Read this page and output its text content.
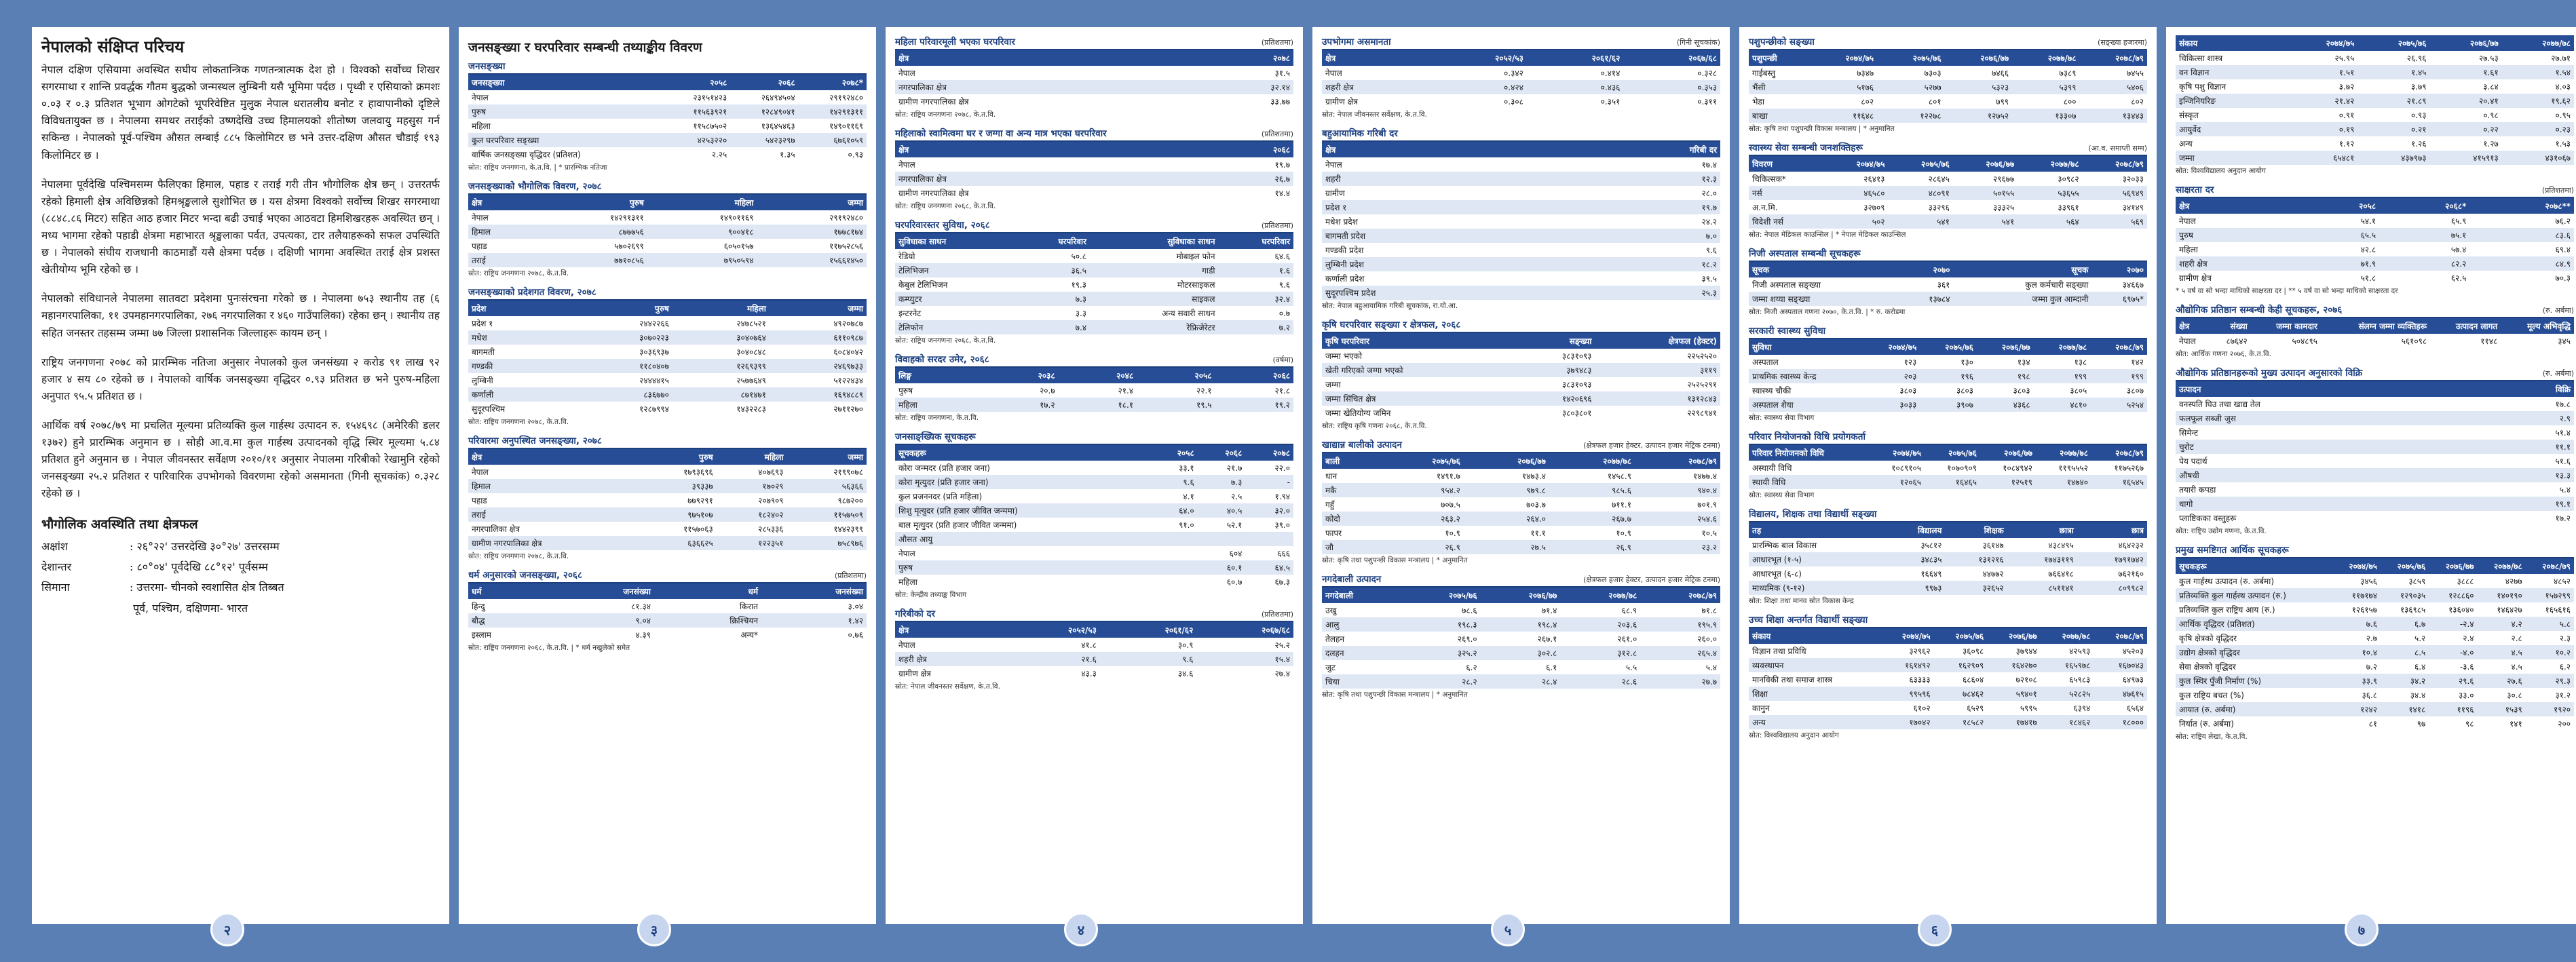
नेपालको संक्षिप्त परिचय

नेपाल दक्षिण एसियामा अवस्थित सघीय लोकतान्त्रिक गणतन्त्रात्मक देश हो । विश्वको सर्वोच्च शिखर सगरमाथा र शान्ति प्रवर्द्धक गौतम बुद्धको जन्मस्थल लुम्बिनी यसै भूमिमा पर्दछ । पृथ्वी र एसियाको क्रमशः ०.०३ र ०.३ प्रतिशत भूभाग ओगटेको भूपरिवेष्टित मुलुक नेपाल धरातलीय बनोट र हावापानीको दृष्टिले विविधतायुक्त छ । नेपालमा समथर तराईको उष्णदेखि उच्च हिमालयको शीतोष्ण जलवायु महसुस गर्न सकिन्छ । नेपालको पूर्व-पश्चिम औसत लम्बाई ८८५ किलोमिटर छ भने उत्तर-दक्षिण औसत चौडाई १९३ किलोमिटर छ ।

नेपालमा पूर्वदेखि पश्चिमसम्म फैलिएका हिमाल, पहाड र तराई गरी तीन भौगोलिक क्षेत्र छन् । उत्तरतर्फ रहेको हिमाली क्षेत्र अविछिन्नको हिमश्रृङ्खलाले सुशोभित छ । यस क्षेत्रमा विश्वको सर्वोच्च शिखर सगरमाथा (८८४८.८६ मिटर) सहित आठ हजार मिटर भन्दा बढी उचाई भएका आठवटा हिमशिखरहरू अवस्थित छन् । मध्य भागमा रहेको पहाडी क्षेत्रमा महाभारत श्रृङ्खलाका पर्वत, उपत्यका, टार तलैयाहरूको सफल उपस्थिति छ । नेपालको संघीय राजधानी काठमाडौं यसै क्षेत्रमा पर्दछ । दक्षिणी भागमा अवस्थित तराई क्षेत्र प्रशस्त खेतीयोग्य भूमि रहेको छ ।

नेपालको संविधानले नेपालमा सातवटा प्रदेशमा पुनःसंरचना गरेको छ । नेपालमा ७५३ स्थानीय तह (६ महानगरपालिका, ११ उपमहानगरपालिका, २७६ नगरपालिका र ४६० गाउँपालिका) रहेका छन् । स्थानीय तह सहित जनस्तर तहसम्म जम्मा ७७ जिल्ला प्रशासनिक जिल्लाहरू कायम छन् ।

राष्ट्रिय जनगणना २०७८ को प्रारम्भिक नतिजा अनुसार नेपालको कुल जनसंख्या २ करोड ९१ लाख ९२ हजार ४ सय ८० रहेको छ । नेपालको वार्षिक जनसङ्ख्या वृद्धिदर ०.९३ प्रतिशत छ भने पुरुष-महिला अनुपात ९५.५ प्रतिशत छ ।

आर्थिक वर्ष २०७८/७९ मा प्रचलित मूल्यमा प्रतिव्यक्ति कुल गार्हस्थ उत्पादन रु. १५४६९८ (अमेरिकी डलर १३७२) हुने प्रारम्भिक अनुमान छ । सोही आ.व.मा कुल गार्हस्थ उत्पादनको वृद्धि स्थिर मूल्यमा ५.८४ प्रतिशत हुने अनुमान छ । नेपाल जीवनस्तर सर्वेक्षण २०१०/११ अनुसार नेपालमा गरिबीको रेखामुनि रहेको जनसङ्ख्या २५.२ प्रतिशत र पारिवारिक उपभोगको विवरणमा रहेको असमानता (गिनी सूचकांक) ०.३२८ रहेको छ ।

भौगोलिक अवस्थिति तथा क्षेत्रफल
अक्षांश	: २६°२२' उत्तरदेखि ३०°२७' उत्तरसम्म
देशान्तर	: ८०°०४' पूर्वदेखि ८८°१२' पूर्वसम्म
सिमाना	: उत्तरमा- चीनको स्वशासित क्षेत्र तिब्बत
पूर्व, पश्चिम, दक्षिणमा- भारत
जनसङ्ख्या र घरपरिवार सम्बन्धी तथ्याङ्कीय विवरण
जनसङ्ख्या
जनसङ्ख्या	२०५८	२०६८	२०७८*
नेपाल	२३१५१४२३	२६४९४५०४	२९१९२४८०
पुरुष	११५६३९२१	१२८४९०४१	१४२९१३११
महिला	११५८७५०२	१३६४५४६३	१४९०११६९
कुल घरपरिवार सङ्ख्या	४२५३२२०	५४२३२९७	६७६१०५९
वार्षिक जनसङ्ख्या वृद्धिदर (प्रतिशत)	२.२५	१.३५	०.९३
स्रोत: राष्ट्रिय जनगणना, के.त.वि. | * प्रारम्भिक नतिजा
जनसङ्ख्याको भौगोलिक विवरण, २०७८
क्षेत्र	पुरुष	महिला	जम्मा
नेपाल	१४२९१३११	१४९०११६९	२९१९२४८०
हिमाल	८७७७५६	९००४१८	१७७८१७४
पहाड	५७०२६९९	६०५०१५७	११७५२८५६
तराई	७७१०८५६	७९५०५९४	१५६६१४५०
स्रोत: राष्ट्रिय जनगणना २०७८, के.त.वि.
जनसङ्ख्याको प्रदेशगत विवरण, २०७८
प्रदेश	पुरुष	महिला	जम्मा
प्रदेश १	२४४२२६६	२४७८५२१	४९२०७८७
मधेश	३०७०२२३	३०४०७६४	६११०९८७
बागमती	३०३६९३७	३०४०८४८	६०८४०४२
गण्डकी	११८०४०७	१२६९३९९	२४६९७३३
लुम्बिनी	२४४४४१५	२५७७६४९	५१२२४३४
कर्णाली	८३६७७०	८७१४७१	१६९४८८९
सुदूरपश्चिम	१२८७९९४	१४३२२८३	२७११२७०
स्रोत: राष्ट्रिय जनगणना २०७८, के.त.वि.
परिवारमा अनुपस्थित जनसङ्ख्या, २०७८
क्षेत्र	पुरुष	महिला	जम्मा
नेपाल	१७९३६९६	४०७६९३	२१९९०७८
हिमाल	३९३३७	१७०२९	५६३६६
पहाड	७७९२९१	२०७९०९	९८७२००
तराई	९७५१०७	१८२४०२	११५७५०९
नगरपालिका क्षेत्र	११५७०६३	२८५३३६	१४४२३९९
ग्रामीण नगरपालिका क्षेत्र	६३६६२५	१२२३५१	७५८९७६
स्रोत: राष्ट्रिय जनगणना २०७८, के.त.वि.
धर्म अनुसारको जनसङ्ख्या, २०६८	(प्रतिशतमा)
धर्म	जनसंख्या	धर्म	जनसंख्या
हिन्दु	८१.३४	किरात	३.०४
बौद्ध	९.०४	क्रिश्चियन	१.४२
इस्लाम	४.३९	अन्य*	०.७६
स्रोत: राष्ट्रिय जनगणना २०६८, के.त.वि. | * धर्म नखुलेको समेत
महिला परिवारमूली भएका घरपरिवार	(प्रतिशतमा)
क्षेत्र	२०७८
नेपाल	३१.५
नगरपालिका क्षेत्र	३२.१४
ग्रामीण नगरपालिका क्षेत्र	३३.७७
स्रोत: राष्ट्रिय जनगणना २०७८, के.त.वि.
महिलाको स्वामित्वमा घर र जग्गा वा अन्य मात्र भएका घरपरिवार	(प्रतिशतमा)
क्षेत्र	२०६८
नेपाल	१९.७
नगरपालिका क्षेत्र	२६.७
ग्रामीण नगरपालिका क्षेत्र	१४.४
स्रोत: राष्ट्रिय जनगणना २०६८, के.त.वि.
घरपरिवारस्तर सुविधा, २०६८	(प्रतिशतमा)
सुविधाका साधन	घरपरिवार	सुविधाका साधन	घरपरिवार
रेडियो	५०.८	मोबाइल फोन	६४.६
टेलिभिजन	३६.५	गाडी	१.६
केबुल टेलिभिजन	१९.३	मोटरसाइकल	९.६
कम्प्युटर	७.३	साइकल	३२.४
इन्टरनेट	३.३	अन्य सवारी साधन	०.७
टेलिफोन	७.४	रेफ्रिजेरेटर	७.२
स्रोत: राष्ट्रिय जनगणना २०६८, के.त.वि.
विवाहको सरदर उमेर, २०६८	(वर्षमा)
लिङ्ग	२०३८	२०४८	२०५८	२०६८
पुरुष	२०.७	२१.४	२२.१	२१.८
महिला	१७.२	१८.१	१९.५	१९.२
स्रोत: राष्ट्रिय जनगणना, के.त.वि.
जनसाङ्ख्यिक सूचकहरू
सूचकहरू	२०५८	२०६८	२०७८
कोरा जन्मदर (प्रति हजार जना)	३३.१	२१.७	२२.०
कोरा मृत्युदर (प्रति हजार जना)	९.६	७.३	-
कुल प्रजननदर (प्रति महिला)	४.१	२.५	१.९४
शिशु मृत्युदर (प्रति हजार जीवित जन्ममा)	६४.०	४०.५	३२.०
बाल मृत्युदर (प्रति हजार जीवित जन्ममा)	९१.०	५२.१	३९.०
औसत आयु			
नेपाल		६०४	६६६
पुरुष		६०.१	६४.५
महिला		६०.७	६७.३
स्रोत: केन्द्रीय तथ्याङ्क विभाग
गरिबीको दर	(प्रतिशतमा)
क्षेत्र	२०५२/५३	२०६१/६२	२०६७/६८
नेपाल	४१.८	३०.९	२५.२
शहरी क्षेत्र	२१.६	९.६	१५.४
ग्रामीण क्षेत्र	४३.३	३४.६	२७.४
स्रोत: नेपाल जीवनस्तर सर्वेक्षण, के.त.वि.
उपभोगमा असमानता	(गिनी सूचकांक)
क्षेत्र	२०५२/५३	२०६१/६२	२०६७/६८
नेपाल	०.३४२	०.४१४	०.३२८
शहरी क्षेत्र	०.४२४	०.४३६	०.३५३
ग्रामीण क्षेत्र	०.३०८	०.३५१	०.३११
स्रोत: नेपाल जीवनस्तर सर्वेक्षण, के.त.वि.
बहुआयामिक गरिबी दर
क्षेत्र	गरिबी दर
नेपाल	१७.४
शहरी	१२.३
ग्रामीण	२८.०
प्रदेश १	१९.७
मधेश प्रदेश	२४.२
बागमती प्रदेश	७.०
गण्डकी प्रदेश	९.६
लुम्बिनी प्रदेश	१८.२
कर्णाली प्रदेश	३९.५
सुदूरपश्चिम प्रदेश	२५.३
स्रोत: नेपाल बहुआयामिक गरिबी सूचकांक, रा.यो.आ.
कृषि घरपरिवार सङ्ख्या र क्षेत्रफल, २०६८
कृषि घरपरिवार	सङ्ख्या	क्षेत्रफल (हेक्टर)
जम्मा भएको	३८३१०९३	२२५२५२०
खेती गरिएको जग्गा भएको	३७९४८३	३११९
जम्मा	३८३१०९३	२५२५२९१
जम्मा सिंचित क्षेत्र	१४२०६९६	१३१२८४३
जम्मा खेतियोग्य जमिन	३८०३८०१	२२९८९४१
स्रोत: राष्ट्रिय कृषि गणना २०६८, के.त.वि.
खाद्यान्न बालीको उत्पादन	(क्षेत्रफल हजार हेक्टर, उत्पादन हजार मेट्रिक टनमा)
बाली	२०७५/७६	२०७६/७७	२०७७/७८	२०७८/७९
धान	१४९१.७	१४७३.४	१४५८.९	१४७७.४
मकै	९५४.२	९७९.८	९८५.६	९४०.४
गहुँ	७०७.५	७०३.७	७११.१	७०१.९
कोदो	२६३.२	२६४.०	२६७.७	२५४.६
फापर	१०.९	११.१	१०.९	१०.५
जौ	२६.९	२७.५	२६.९	२३.२
स्रोत: कृषि तथा पशुपन्छी विकास मन्त्रालय | * अनुमानित
नगदेबाली उत्पादन	(क्षेत्रफल हजार हेक्टर, उत्पादन हजार मेट्रिक टनमा)
नगदेबाली	२०७५/७६	२०७६/७७	२०७७/७८	२०७८/७९
उखु	७८.६	७१.४	६८.९	७१.८
आलु	१९८.३	१९८.४	२०३.६	१९५.९
तेलहन	२६९.०	२६७.१	२६१.०	२६०.०
दलहन	३२५.२	३०२.८	३१२.८	२६५.४
जुट	६.२	६.१	५.५	५.४
चिया	२८.२	२८.४	२८.६	२७.७
स्रोत: कृषि तथा पशुपन्छी विकास मन्त्रालय | * अनुमानित
पशुपन्छीको सङ्ख्या	(सङ्ख्या हजारमा)
पशुपन्छी	२०७४/७५	२०७५/७६	२०७६/७७	२०७७/७८	२०७८/७९
गाईबस्तु	७३४७	७३०३	७४६६	७३८९	७४५५
भैंसी	५१७६	५२७७	५३२३	५३९९	५४०६
भेडा	८०२	८०१	७९९	८००	८०२
बाखा	११६४८	१२२७८	१२७५२	१३३०७	१३४४३
स्रोत: कृषि तथा पशुपन्छी विकास मन्त्रालय | * अनुमानित
स्वास्थ्य सेवा सम्बन्धी जनशक्तिहरू	(आ.व. समाप्ती सम्म)
विवरण	२०७४/७५	२०७५/७६	२०७६/७७	२०७७/७८	२०७८/७९
चिकित्सक*	२६४१३	२८६४५	२९६७७	३०९८२	३२०३३
नर्स	४६५८०	४८०९१	५०१५५	५३६५५	५६९४९
अ.न.मि.	३२७०९	३३२९६	३३३२५	३३९६१	३४१४९
विदेशी नर्स	५०२	५४१	५४१	५६४	५६९
स्रोत: नेपाल मेडिकल काउन्सिल | * नेपाल मेडिकल काउन्सिल
निजी अस्पताल सम्बन्धी सूचकहरू
सूचक	२०७०	सूचक	२०७०
निजी अस्पताल सङ्ख्या	३६१	कुल कर्मचारी सङ्ख्या	३४६६७
जम्मा शय्या सङ्ख्या	१३७८४	जम्मा कुल आम्दानी	६९७५*
स्रोत: निजी अस्पताल गणना २०७०, के.त.वि. | * रु. करोडमा
सरकारी स्वास्थ्य सुविधा
सुविधा	२०७४/७५	२०७५/७६	२०७६/७७	२०७७/७८	२०७८/७९
अस्पताल	१२३	१३०	१३४	१३८	१४२
प्राथमिक स्वास्थ्य केन्द्र	२०३	१९६	१९८	१९९	१९९
स्वास्थ्य चौकी	३८०३	३८०३	३८०३	३८०५	३८०७
अस्पताल शैया	३०३३	३९०७	४३६८	४८१०	५२५४
स्रोत: स्वास्थ्य सेवा विभाग
परिवार नियोजनको विधि प्रयोगकर्ता
परिवार नियोजनको विधि	२०७४/७५	२०७५/७६	२०७६/७७	२०७७/७८	२०७८/७९
अस्थायी विधि	१०८९१०५	१०७०९०९	१०८४९४२	११९५५५२	११७५२६७
स्थायी विधि	१२०६५	१६४६५	१२५१९	१४७४०	१६५४५
स्रोत: स्वास्थ्य सेवा विभाग
विद्यालय, शिक्षक तथा विद्यार्थी सङ्ख्या
तह	विद्यालय	शिक्षक	छात्रा	छात्र
प्रारम्भिक बाल विकास	३५८१२	३६१४७	४३८४९५	४६४२३२
आधारभूत (१-५)	३४८३५	१३१२१६	१७४३११९	१७९१७४२
आधारभूत (६-८)	१६६४९	४४७७२	७६६४१८	७६२१६०
माध्यमिक (९-१२)	९९७३	३२६५२	८५११४१	८०९९८२
स्रोत: शिक्षा तथा मानव स्रोत विकास केन्द्र
उच्च शिक्षा अन्तर्गत विद्यार्थी सङ्ख्या
संकाय	२०७४/७५	२०७५/७६	२०७६/७७	२०७७/७८	२०७८/७९
विज्ञान तथा प्रविधि	३२९६२	३६०९८	३७९४४	४२५९३	४५२०३
व्यवस्थापन	१६१४९२	१६२९०९	१६४२७०	१६५९७८	१६७०४३
मानविकी तथा समाज शास्त्र	६३३३३	६८६०४	७२१०८	६५९८३	६४९७३
शिक्षा	९९५९६	७८४६२	५९४०१	५२८२५	४७६१५
कानुन	६१०२	६५२९	५९९५	६३९४	६५६४
अन्य	१७०४२	१८५८२	१७४१७	१८४६२	१८०००
स्रोत: विश्वविद्यालय अनुदान आयोग
संकाय	२०७४/७५	२०७५/७६	२०७६/७७	२०७७/७८
चिकित्सा शास्त्र	२५.९५	२६.९६	२७.५३	२७.७१
वन विज्ञान	१.५१	१.४५	१.६१	१.५४
कृषि पशु विज्ञान	३.७२	३.७९	३.८४	४.०३
इन्जिनियरिङ	२१.४२	२१.८९	२०.४१	१९.६२
संस्कृत	०.९१	०.९३	०.९८	०.९५
आयुर्वेद	०.१९	०.२१	०.२२	०.२३
अन्य	१.१२	१.२६	१.२७	१.५३
जम्मा	६५४८१	४३७९७३	४१५९१३	४३१०६७
स्रोत: विश्वविद्यालय अनुदान आयोग
साक्षरता दर	(प्रतिशतमा)
क्षेत्र	२०५८	२०६८*	२०७८**
नेपाल	५४.१	६५.९	७६.२
पुरुष	६५.५	७५.१	८३.६
महिला	४२.८	५७.४	६९.४
शहरी क्षेत्र	७१.९	८२.२	८४.९
ग्रामीण क्षेत्र	५१.८	६२.५	७०.३
* ५ वर्ष वा सो भन्दा माथिको साक्षरता दर | ** ५ वर्ष वा सो भन्दा माथिको साक्षरता दर
औद्योगिक प्रतिष्ठान सम्बन्धी केही सूचकहरू, २०७६	(रु. अर्बमा)
क्षेत्र	संख्या	जम्मा कामदार	संलग्न जम्मा व्यक्तिहरू	उत्पादन लागत	मूल्य अभिवृद्धि
नेपाल	८७६४२	५०४८९५	५६१०९८	११४८	३४५
स्रोत: आर्थिक गणना २०७६, के.त.वि.
औद्योगिक प्रतिष्ठानहरूको मुख्य उत्पादन अनुसारको विक्रि	(रु. अर्बमा)
उत्पादन	विक्रि
वनस्पति घिउ तथा खाद्य तेल	१७.८
फलफूल सब्जी जुस	२.९
सिमेन्ट	५१.४
चुरोट	११.१
पेय पदार्थ	५१.६
औषधी	१३.३
तयारी कपडा	५.४
धागो	१९.१
प्लाष्टिकका वस्तुहरू	१७.२
स्रोत: राष्ट्रिय उद्योग गणना, के.त.वि.
प्रमुख समष्टिगत आर्थिक सूचकहरू
सूचकहरू	२०७४/७५	२०७५/७६	२०७६/७७	२०७७/७८	२०७८/७९
कुल गार्हस्थ उत्पादन (रु. अर्बमा)	३४५६	३८५९	३८८८	४२७७	४८५२
प्रतिव्यक्ति कुल गार्हस्थ उत्पादन (रु.)	११७१७४	१२९०३५	१२८८६०	१४०१९०	१५७२९९
प्रतिव्यक्ति कुल राष्ट्रिय आय (रु.)	१२६१५७	१३६९८५	१३६०४०	१४६४२७	१६५६१६
आर्थिक वृद्धिदर (प्रतिशत)	७.६	६.७	-२.४	४.२	५.८
कृषि क्षेत्रको वृद्धिदर	२.७	५.२	२.४	२.८	२.३
उद्योग क्षेत्रको वृद्धिदर	१०.४	८.५	-४.०	४.५	१०.२
सेवा क्षेत्रको वृद्धिदर	७.२	६.४	-३.६	४.५	६.२
कुल स्थिर पुँजी निर्माण (%)	३३.९	३४.२	२९.६	२७.६	२९.३
कुल राष्ट्रिय बचत (%)	३६.८	३४.४	३३.०	३०.८	३१.२
आयात (रु. अर्बमा)	१२४२	१४१८	११९६	१५३९	१९२०
निर्यात (रु. अर्बमा)	८१	९७	९८	१४१	२००
स्रोत: राष्ट्रिय लेखा, के.त.वि.
२	३	४	५	६	७
